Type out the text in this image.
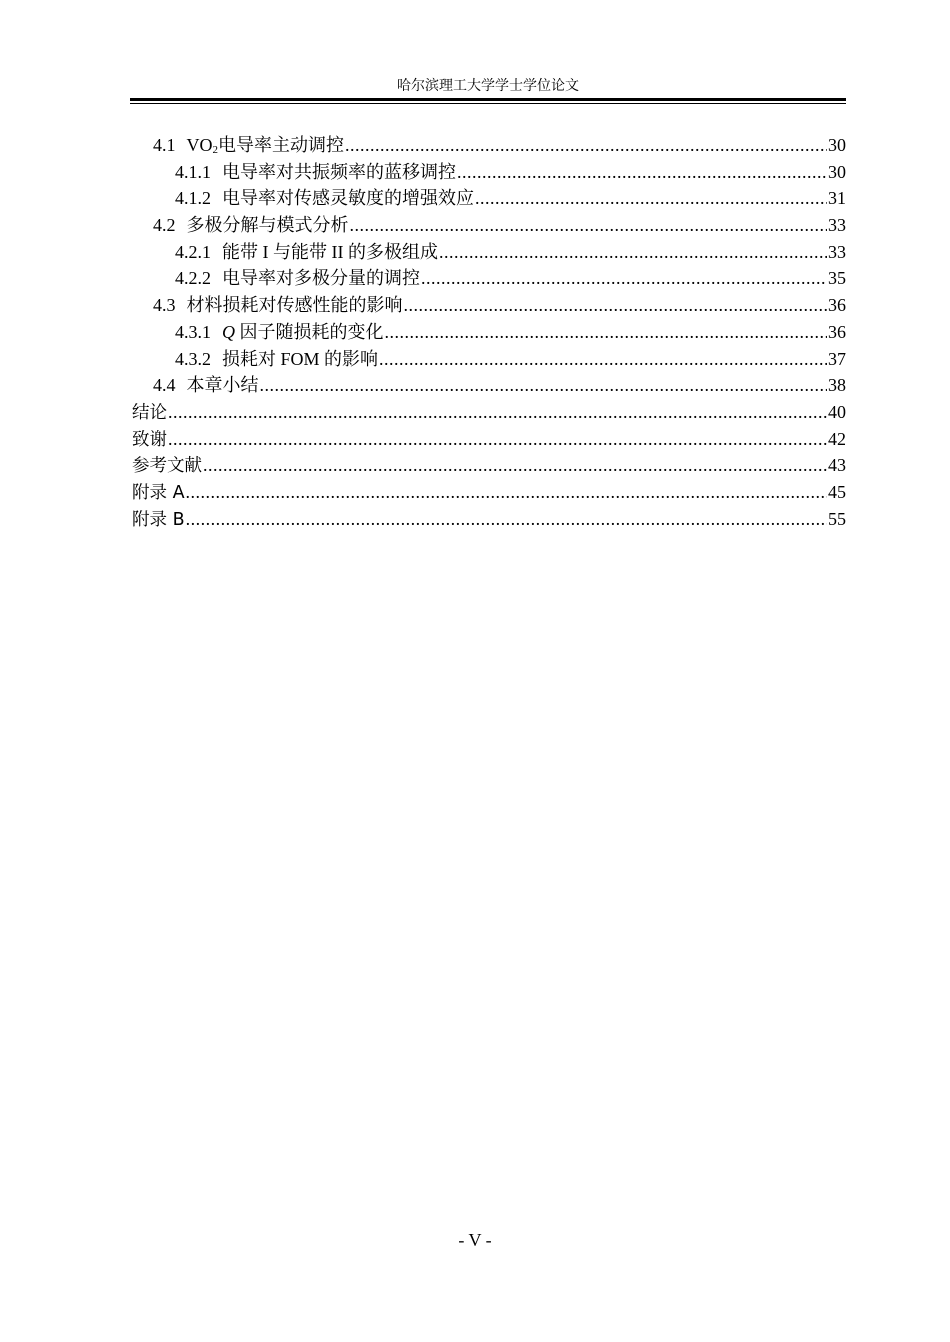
哈尔滨理工大学学士学位论文
4.1 $VO_2$电导率主动调控 .....	30
4.1.1 电导率对共振频率的蓝移调控 .....	30
4.1.2 电导率对传感灵敏度的增强效应 .....	31
4.2 多极分解与模式分析 .....	33
4.2.1 能带 I 与能带 II 的多极组成 .....	33
4.2.2 电导率对多极分量的调控 .....	35
4.3 材料损耗对传感性能的影响 .....	36
4.3.1 Q 因子随损耗的变化 .....	36
4.3.2 损耗对 FOM 的影响 .....	37
4.4 本章小结 .....	38
结论 .....	40
致谢 .....	42
参考文献 .....	43
附录 A .....	45
附录 B .....	55
- V -
